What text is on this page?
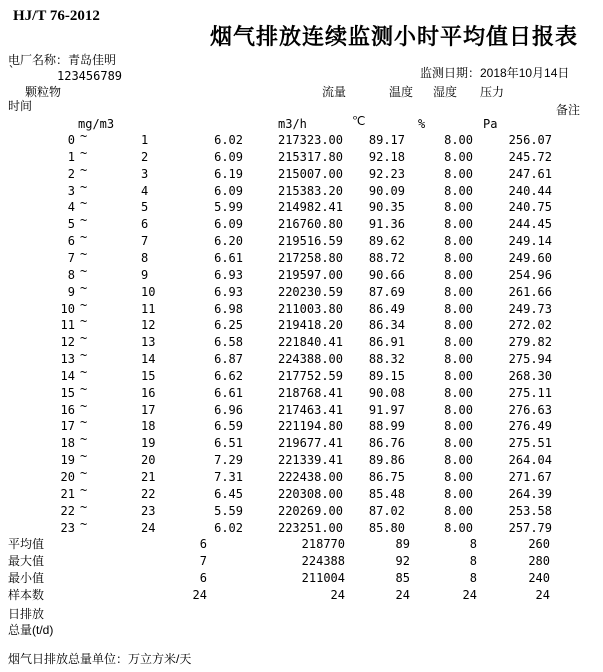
HJ/T 76-2012
烟气排放连续监测小时平均值日报表
电厂名称：青岛佳明
`	123456789	监测日期：2018年10月14日
颗粒物	流量	温度 湿度 压力
时间	备注
mg/m3	m3/h	℃	%	Pa
0 ~	1	6.02	217323.00	89.17	8.00	256.07
1 ~	2	6.09	215317.80	92.18	8.00	245.72
2 ~	3	6.19	215007.00	92.23	8.00	247.61
3 ~	4	6.09	215383.20	90.09	8.00	240.44
4 ~	5	5.99	214982.41	90.35	8.00	240.75
5 ~	6	6.09	216760.80	91.36	8.00	244.45
6 ~	7	6.20	219516.59	89.62	8.00	249.14
7 ~	8	6.61	217258.80	88.72	8.00	249.60
8 ~	9	6.93	219597.00	90.66	8.00	254.96
9 ~	10	6.93	220230.59	87.69	8.00	261.66
10 ~	11	6.98	211003.80	86.49	8.00	249.73
11 ~	12	6.25	219418.20	86.34	8.00	272.02
12 ~	13	6.58	221840.41	86.91	8.00	279.82
13 ~	14	6.87	224388.00	88.32	8.00	275.94
14 ~	15	6.62	217752.59	89.15	8.00	268.30
15 ~	16	6.61	218768.41	90.08	8.00	275.11
16 ~	17	6.96	217463.41	91.97	8.00	276.63
17 ~	18	6.59	221194.80	88.99	8.00	276.49
18 ~	19	6.51	219677.41	86.76	8.00	275.51
19 ~	20	7.29	221339.41	89.86	8.00	264.04
20 ~	21	7.31	222438.00	86.75	8.00	271.67
21 ~	22	6.45	220308.00	85.48	8.00	264.39
22 ~	23	5.59	220269.00	87.02	8.00	253.58
23 ~	24	6.02	223251.00	85.80	8.00	257.79
平均值	6	218770	89	8	260
最大值	7	224388	92	8	280
最小值	6	211004	85	8	240
样本数	24	24	24	24	24
日排放
总量(t/d)
烟气日排放总量单位：万立方米/天
